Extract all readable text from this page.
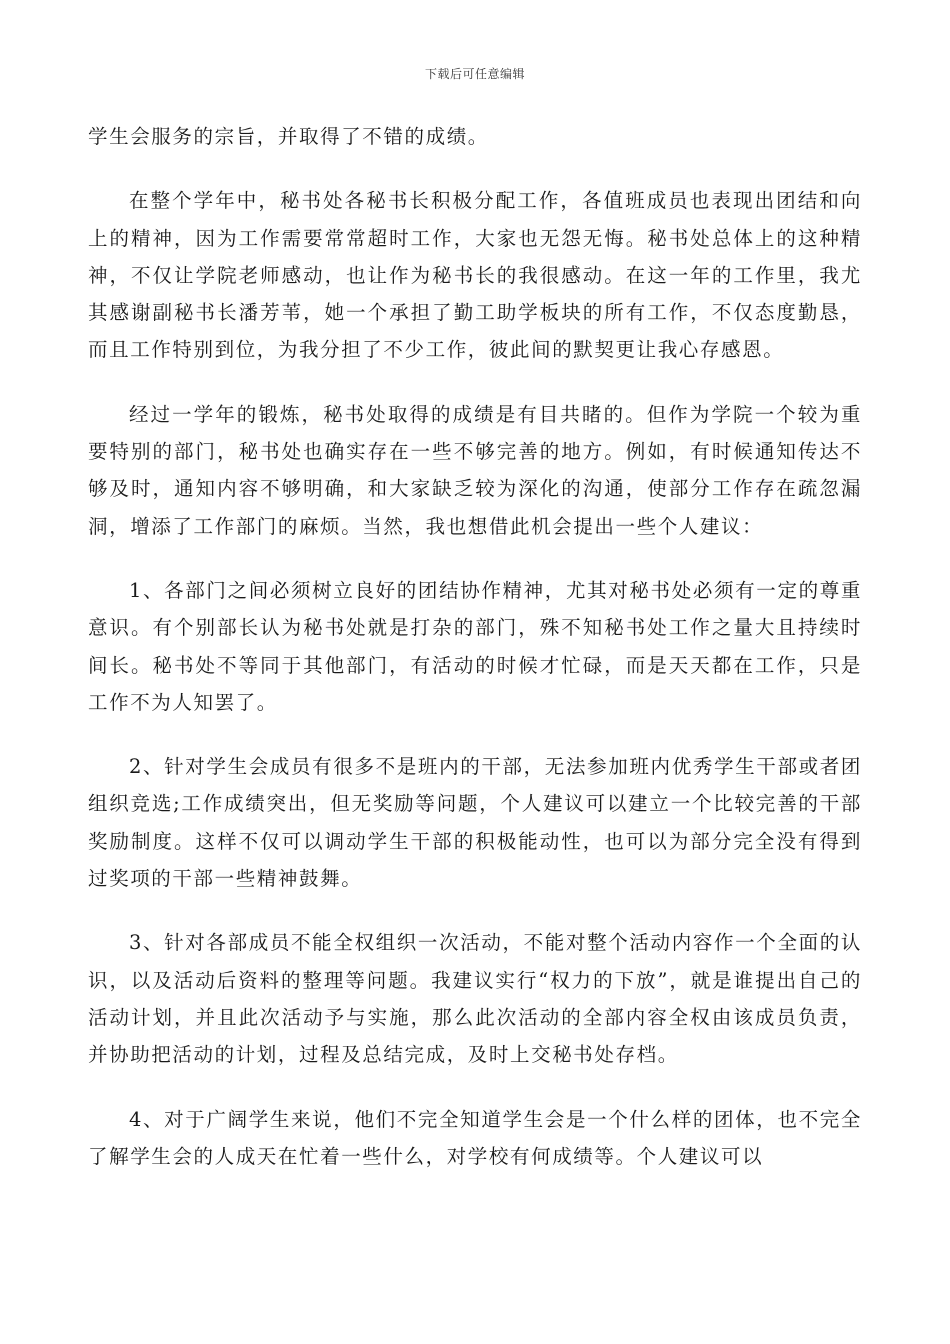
下载后可任意编辑

学生会服务的宗旨，并取得了不错的成绩。

在整个学年中，秘书处各秘书长积极分配工作，各值班成员也表现出团结和向上的精神，因为工作需要常常超时工作，大家也无怨无悔。秘书处总体上的这种精神，不仅让学院老师感动，也让作为秘书长的我很感动。在这一年的工作里，我尤其感谢副秘书长潘芳苇，她一个承担了勤工助学板块的所有工作，不仅态度勤恳，而且工作特别到位，为我分担了不少工作，彼此间的默契更让我心存感恩。

经过一学年的锻炼，秘书处取得的成绩是有目共睹的。但作为学院一个较为重要特别的部门，秘书处也确实存在一些不够完善的地方。例如，有时候通知传达不够及时，通知内容不够明确，和大家缺乏较为深化的沟通，使部分工作存在疏忽漏洞，增添了工作部门的麻烦。当然，我也想借此机会提出一些个人建议：

1、各部门之间必须树立良好的团结协作精神，尤其对秘书处必须有一定的尊重意识。有个别部长认为秘书处就是打杂的部门，殊不知秘书处工作之量大且持续时间长。秘书处不等同于其他部门，有活动的时候才忙碌，而是天天都在工作，只是工作不为人知罢了。

2、针对学生会成员有很多不是班内的干部，无法参加班内优秀学生干部或者团组织竞选;工作成绩突出，但无奖励等问题，个人建议可以建立一个比较完善的干部奖励制度。这样不仅可以调动学生干部的积极能动性，也可以为部分完全没有得到过奖项的干部一些精神鼓舞。

3、针对各部成员不能全权组织一次活动，不能对整个活动内容作一个全面的认识，以及活动后资料的整理等问题。我建议实行“权力的下放”，就是谁提出自己的活动计划，并且此次活动予与实施，那么此次活动的全部内容全权由该成员负责，并协助把活动的计划，过程及总结完成，及时上交秘书处存档。

4、对于广阔学生来说，他们不完全知道学生会是一个什么样的团体，也不完全了解学生会的人成天在忙着一些什么，对学校有何成绩等。个人建议可以
